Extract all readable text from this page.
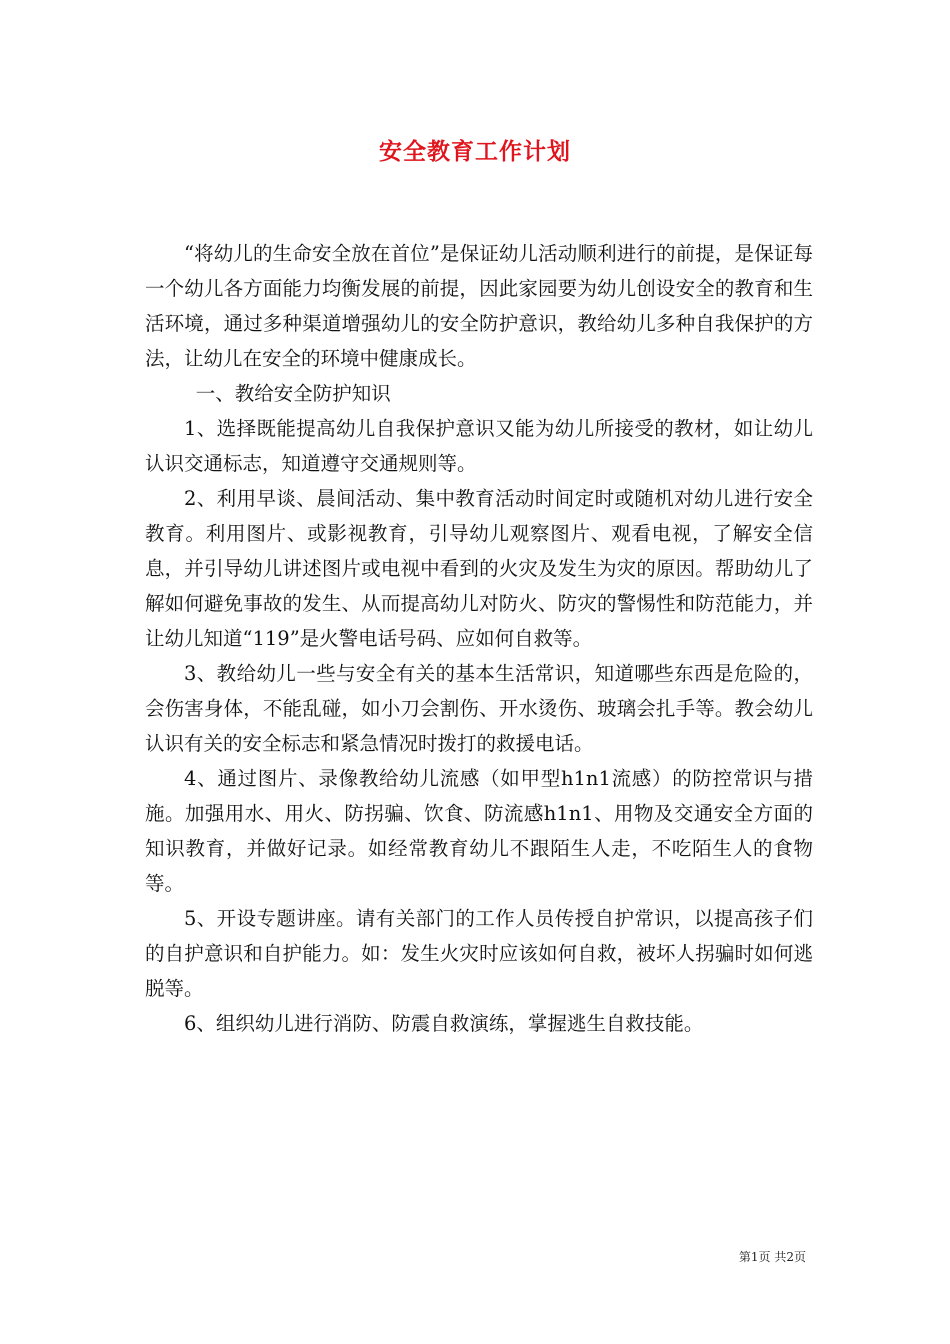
安全教育工作计划

“将幼儿的生命安全放在首位”是保证幼儿活动顺利进行的前提，是保证每一个幼儿各方面能力均衡发展的前提，因此家园要为幼儿创设安全的教育和生活环境，通过多种渠道增强幼儿的安全防护意识，教给幼儿多种自我保护的方法，让幼儿在安全的环境中健康成长。

一、教给安全防护知识

1、选择既能提高幼儿自我保护意识又能为幼儿所接受的教材，如让幼儿认识交通标志，知道遵守交通规则等。

2、利用早谈、晨间活动、集中教育活动时间定时或随机对幼儿进行安全教育。利用图片、或影视教育，引导幼儿观察图片、观看电视，了解安全信息，并引导幼儿讲述图片或电视中看到的火灾及发生为灾的原因。帮助幼儿了解如何避免事故的发生、从而提高幼儿对防火、防灾的警惕性和防范能力，并让幼儿知道“119”是火警电话号码、应如何自救等。

3、教给幼儿一些与安全有关的基本生活常识，知道哪些东西是危险的，会伤害身体，不能乱碰，如小刀会割伤、开水烫伤、玻璃会扎手等。教会幼儿认识有关的安全标志和紧急情况时拨打的救援电话。

4、通过图片、录像教给幼儿流感（如甲型h1n1流感）的防控常识与措施。加强用水、用火、防拐骗、饮食、防流感h1n1、用物及交通安全方面的知识教育，并做好记录。如经常教育幼儿不跟陌生人走，不吃陌生人的食物等。

5、开设专题讲座。请有关部门的工作人员传授自护常识，以提高孩子们的自护意识和自护能力。如：发生火灾时应该如何自救，被坏人拐骗时如何逃脱等。

6、组织幼儿进行消防、防震自救演练，掌握逃生自救技能。

第1页 共2页
